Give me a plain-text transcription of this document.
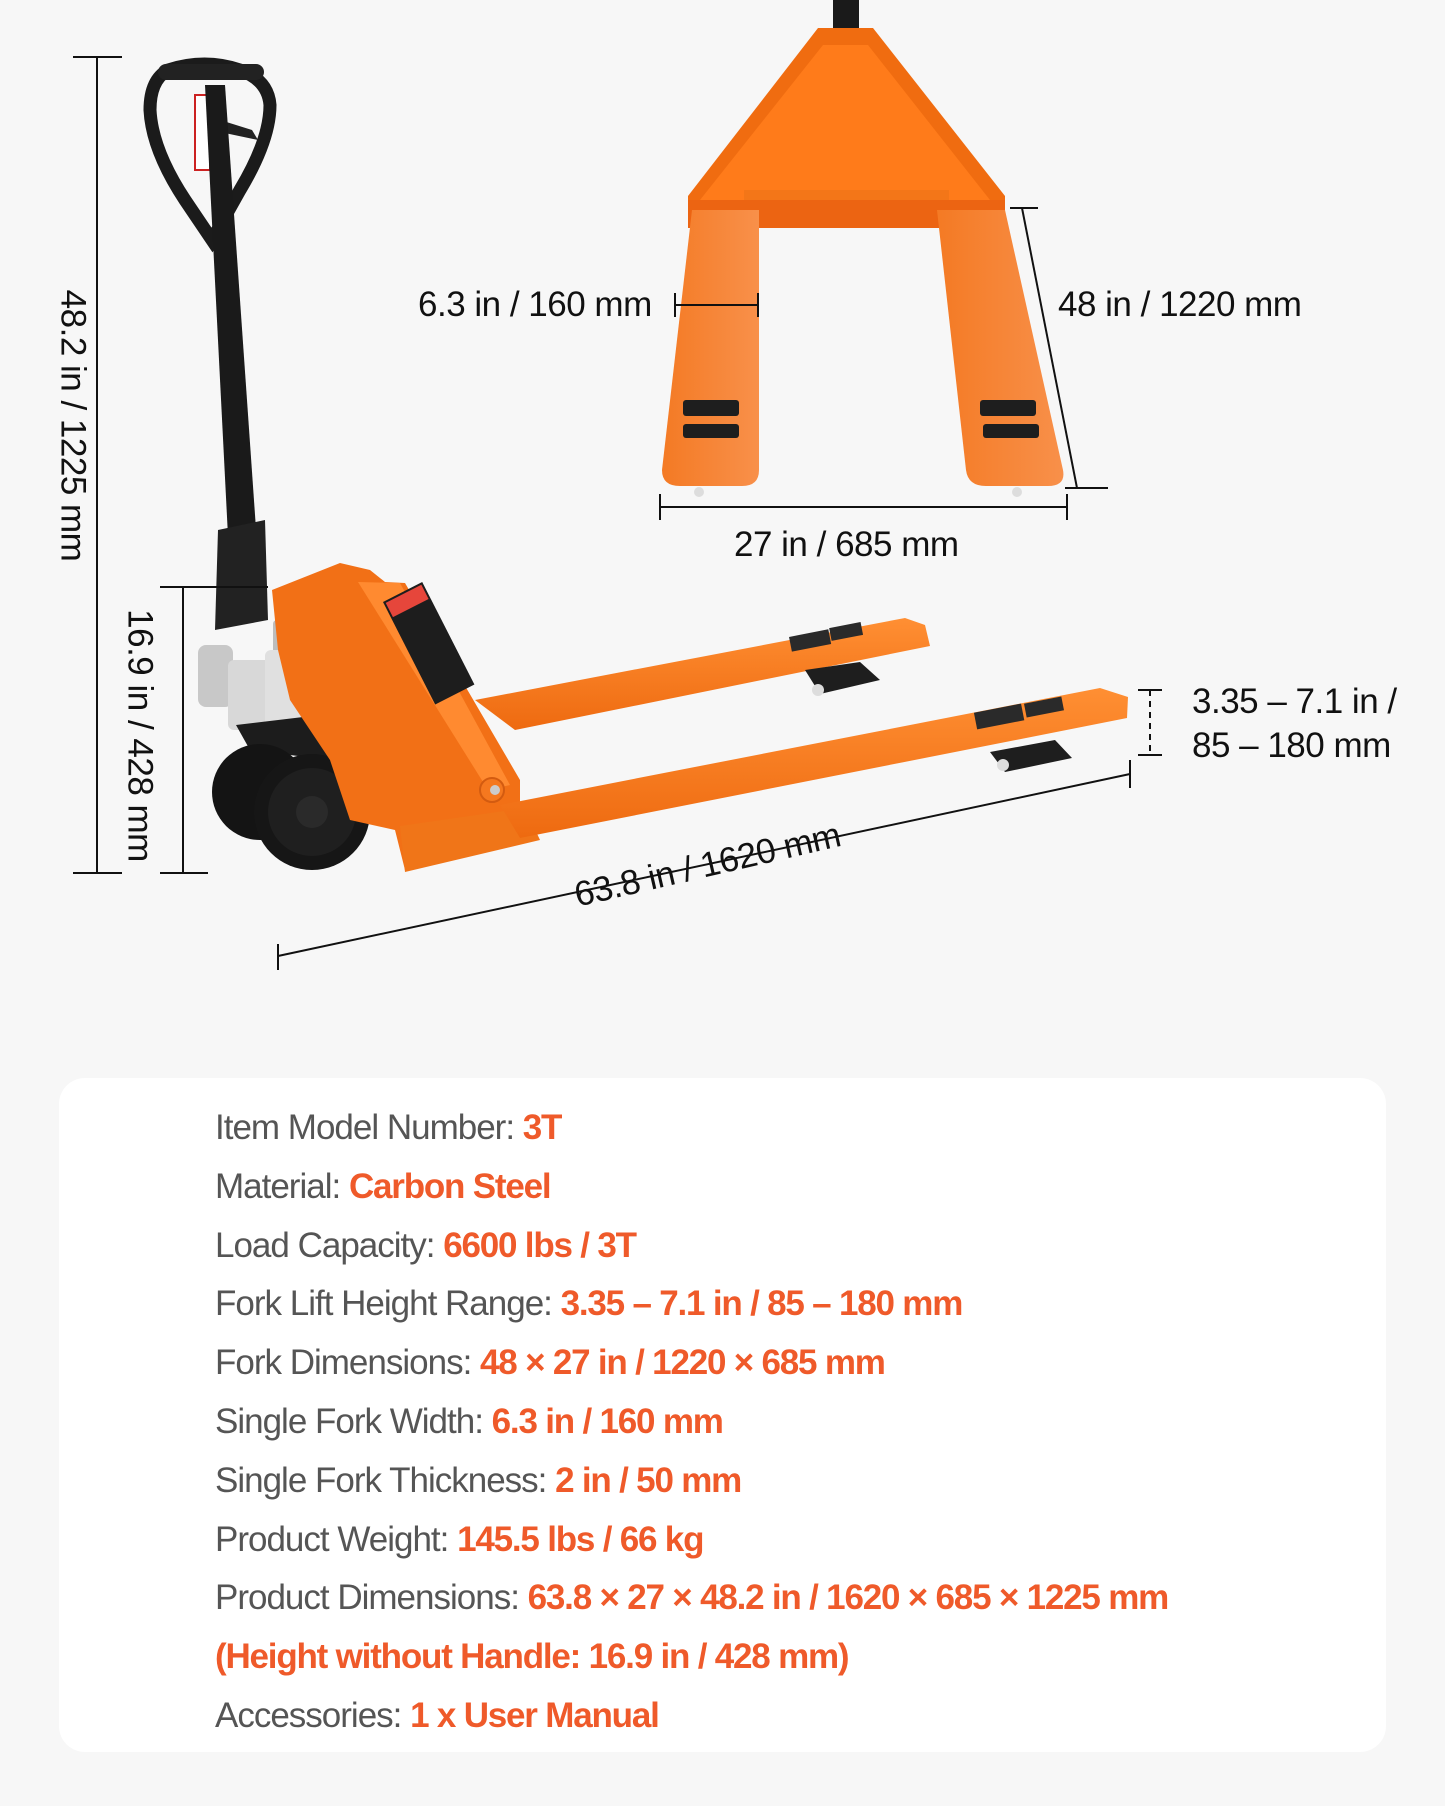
48.2 in / 1225 mm
16.9 in / 428 mm
6.3 in / 160 mm	48 in / 1220 mm
27 in / 685 mm
3.35 – 7.1 in /
85 – 180 mm
63.8 in / 1620 mm
Item Model Number: 3T
Material: Carbon Steel
Load Capacity: 6600 lbs / 3T
Fork Lift Height Range: 3.35 – 7.1 in / 85 – 180 mm
Fork Dimensions: 48 × 27 in / 1220 × 685 mm
Single Fork Width: 6.3 in / 160 mm
Single Fork Thickness: 2 in / 50 mm
Product Weight: 145.5 lbs / 66 kg
Product Dimensions: 63.8 × 27 × 48.2 in / 1620 × 685 × 1225 mm
(Height without Handle: 16.9 in / 428 mm)
Accessories: 1 x User Manual
